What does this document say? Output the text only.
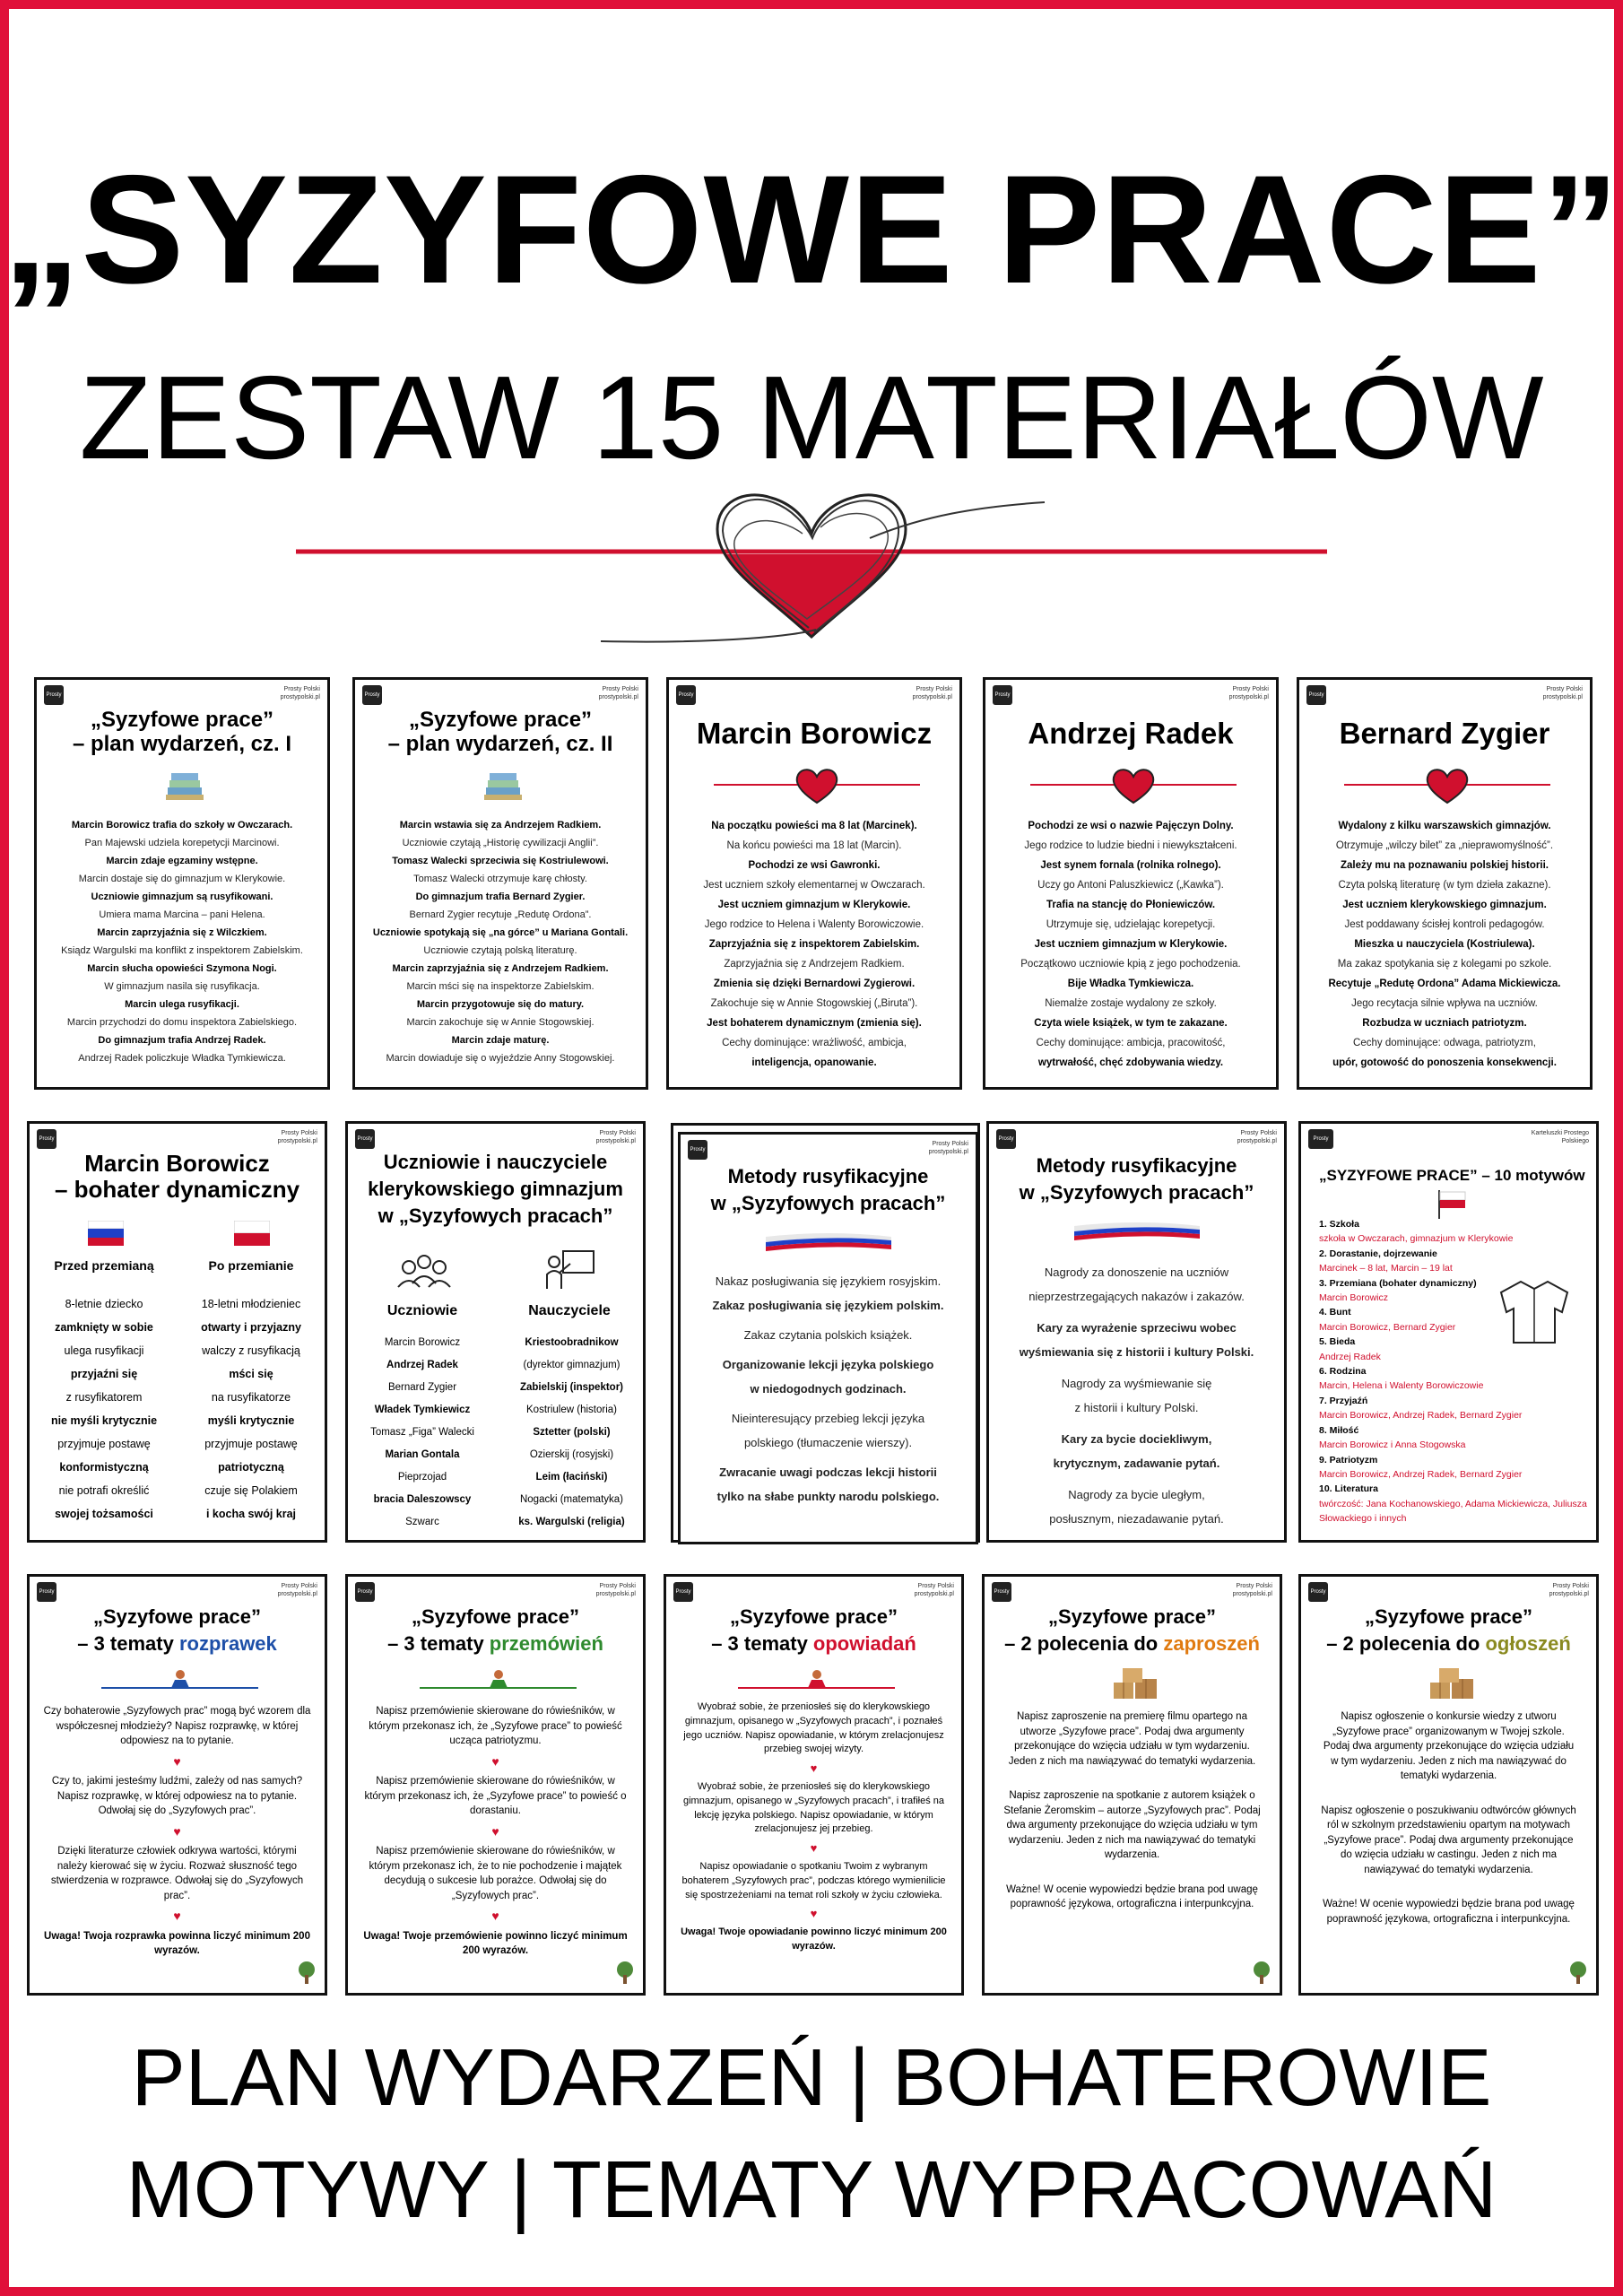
„SYZYFOWE PRACE”
ZESTAW 15 MATERIAŁÓW
Prosty Polski
Prosty Polski
prostypolski.pl
„Syzyfowe prace”
– plan wydarzeń, cz. I
Marcin Borowicz trafia do szkoły w Owczarach.
Pan Majewski udziela korepetycji Marcinowi.
Marcin zdaje egzaminy wstępne.
Marcin dostaje się do gimnazjum w Klerykowie.
Uczniowie gimnazjum są rusyfikowani.
Umiera mama Marcina – pani Helena.
Marcin zaprzyjaźnia się z Wilczkiem.
Ksiądz Wargulski ma konflikt z inspektorem Zabielskim.
Marcin słucha opowieści Szymona Nogi.
W gimnazjum nasila się rusyfikacja.
Marcin ulega rusyfikacji.
Marcin przychodzi do domu inspektora Zabielskiego.
Do gimnazjum trafia Andrzej Radek.
Andrzej Radek policzkuje Władka Tymkiewicza.
Prosty Polski
Prosty Polski
prostypolski.pl
„Syzyfowe prace”
– plan wydarzeń, cz. II
Marcin wstawia się za Andrzejem Radkiem.
Uczniowie czytają „Historię cywilizacji Anglii”.
Tomasz Walecki sprzeciwia się Kostriulewowi.
Tomasz Walecki otrzymuje karę chłosty.
Do gimnazjum trafia Bernard Zygier.
Bernard Zygier recytuje „Redutę Ordona”.
Uczniowie spotykają się „na górce” u Mariana Gontali.
Uczniowie czytają polską literaturę.
Marcin zaprzyjaźnia się z Andrzejem Radkiem.
Marcin mści się na inspektorze Zabielskim.
Marcin przygotowuje się do matury.
Marcin zakochuje się w Annie Stogowskiej.
Marcin zdaje maturę.
Marcin dowiaduje się o wyjeździe Anny Stogowskiej.
Prosty Polski
Prosty Polski
prostypolski.pl
Marcin Borowicz
Na początku powieści ma 8 lat (Marcinek).
Na końcu powieści ma 18 lat (Marcin).
Pochodzi ze wsi Gawronki.
Jest uczniem szkoły elementarnej w Owczarach.
Jest uczniem gimnazjum w Klerykowie.
Jego rodzice to Helena i Walenty Borowiczowie.
Zaprzyjaźnia się z inspektorem Zabielskim.
Zaprzyjaźnia się z Andrzejem Radkiem.
Zmienia się dzięki Bernardowi Zygierowi.
Zakochuje się w Annie Stogowskiej („Biruta”).
Jest bohaterem dynamicznym (zmienia się).
Cechy dominujące: wrażliwość, ambicja,
inteligencja, opanowanie.
Prosty Polski
Prosty Polski
prostypolski.pl
Andrzej Radek
Pochodzi ze wsi o nazwie Pajęczyn Dolny.
Jego rodzice to ludzie biedni i niewykształceni.
Jest synem fornala (rolnika rolnego).
Uczy go Antoni Paluszkiewicz („Kawka”).
Trafia na stancję do Płoniewiczów.
Utrzymuje się, udzielając korepetycji.
Jest uczniem gimnazjum w Klerykowie.
Początkowo uczniowie kpią z jego pochodzenia.
Bije Władka Tymkiewicza.
Niemalże zostaje wydalony ze szkoły.
Czyta wiele książek, w tym te zakazane.
Cechy dominujące: ambicja, pracowitość,
wytrwałość, chęć zdobywania wiedzy.
Prosty Polski
Prosty Polski
prostypolski.pl
Bernard Zygier
Wydalony z kilku warszawskich gimnazjów.
Otrzymuje „wilczy bilet” za „nieprawomyślność”.
Zależy mu na poznawaniu polskiej historii.
Czyta polską literaturę (w tym dzieła zakazne).
Jest uczniem klerykowskiego gimnazjum.
Jest poddawany ścisłej kontroli pedagogów.
Mieszka u nauczyciela (Kostriulewa).
Ma zakaz spotykania się z kolegami po szkole.
Recytuje „Redutę Ordona” Adama Mickiewicza.
Jego recytacja silnie wpływa na uczniów.
Rozbudza w uczniach patriotyzm.
Cechy dominujące: odwaga, patriotyzm,
upór, gotowość do ponoszenia konsekwencji.
Prosty Polski
Prosty Polski
prostypolski.pl
Marcin Borowicz
– bohater dynamiczny
Przed przemianą	Po przemianie
8-letnie dziecko
zamknięty w sobie
ulega rusyfikacji
przyjaźni się
z rusyfikatorem
nie myśli krytycznie
przyjmuje postawę
konformistyczną
nie potrafi określić
swojej tożsamości
18-letni młodzieniec
otwarty i przyjazny
walczy z rusyfikacją
mści się
na rusyfikatorze
myśli krytycznie
przyjmuje postawę
patriotyczną
czuje się Polakiem
i kocha swój kraj
Prosty Polski
Prosty Polski
prostypolski.pl
Uczniowie i nauczyciele
klerykowskiego gimnazjum
w „Syzyfowych pracach”
Uczniowie	Nauczyciele
Marcin Borowicz
Andrzej Radek
Bernard Zygier
Władek Tymkiewicz
Tomasz „Figa” Walecki
Marian Gontala
Pieprzojad
bracia Daleszowscy
Szwarc
Kriestoobradnikow
(dyrektor gimnazjum)
Zabielskij (inspektor)
Kostriulew (historia)
Sztetter (polski)
Ozierskij (rosyjski)
Leim (łaciński)
Nogacki (matematyka)
ks. Wargulski (religia)
Prosty Polski
Prosty Polski
prostypolski.pl
Metody rusyfikacyjne
w „Syzyfowych pracach”
Nakaz posługiwania się językiem rosyjskim.
Zakaz posługiwania się językiem polskim.
Zakaz czytania polskich książek.
Organizowanie lekcji języka polskiego
w niedogodnych godzinach.
Nieinteresujący przebieg lekcji języka
polskiego (tłumaczenie wierszy).
Zwracanie uwagi podczas lekcji historii
tylko na słabe punkty narodu polskiego.
Prosty Polski
Prosty Polski
prostypolski.pl
Metody rusyfikacyjne
w „Syzyfowych pracach”
Nagrody za donoszenie na uczniów
nieprzestrzegających nakazów i zakazów.
Kary za wyrażenie sprzeciwu wobec
wyśmiewania się z historii i kultury Polski.
Nagrody za wyśmiewanie się
z historii i kultury Polski.
Kary za bycie dociekliwym,
krytycznym, zadawanie pytań.
Nagrody za bycie uległym,
posłusznym, niezadawanie pytań.
Prosty Polski
Karteluszki Prostego Polskiego
„SYZYFOWE PRACE” – 10 motywów
1. Szkoła
szkoła w Owczarach, gimnazjum w Klerykowie
2. Dorastanie, dojrzewanie
Marcinek – 8 lat, Marcin – 19 lat
3. Przemiana (bohater dynamiczny)
Marcin Borowicz
4. Bunt
Marcin Borowicz, Bernard Zygier
5. Bieda
Andrzej Radek
6. Rodzina
Marcin, Helena i Walenty Borowiczowie
7. Przyjaźń
Marcin Borowicz, Andrzej Radek, Bernard Zygier
8. Miłość
Marcin Borowicz i Anna Stogowska
9. Patriotyzm
Marcin Borowicz, Andrzej Radek, Bernard Zygier
10. Literatura
twórczość: Jana Kochanowskiego, Adama Mickiewicza, Juliusza Słowackiego i innych
Prosty Polski
Prosty Polski
prostypolski.pl
„Syzyfowe prace”
– 3 tematy rozprawek
Czy bohaterowie „Syzyfowych prac” mogą być wzorem dla współczesnej młodzieży? Napisz rozprawkę, w której odpowiesz na to pytanie.
♥
Czy to, jakimi jesteśmy ludźmi, zależy od nas samych? Napisz rozprawkę, w której odpowiesz na to pytanie. Odwołaj się do „Syzyfowych prac”.
♥
Dzięki literaturze człowiek odkrywa wartości, którymi należy kierować się w życiu. Rozważ słuszność tego stwierdzenia w rozprawce. Odwołaj się do „Syzyfowych prac”.
♥
Uwaga! Twoja rozprawka powinna liczyć minimum 200 wyrazów.
Prosty Polski
Prosty Polski
prostypolski.pl
„Syzyfowe prace”
– 3 tematy przemówień
Napisz przemówienie skierowane do rówieśników, w którym przekonasz ich, że „Syzyfowe prace” to powieść ucząca patriotyzmu.
♥
Napisz przemówienie skierowane do rówieśników, w którym przekonasz ich, że „Syzyfowe prace” to powieść o dorastaniu.
♥
Napisz przemówienie skierowane do rówieśników, w którym przekonasz ich, że to nie pochodzenie i majątek decydują o sukcesie lub porażce. Odwołaj się do „Syzyfowych prac”.
♥
Uwaga! Twoje przemówienie powinno liczyć minimum 200 wyrazów.
Prosty Polski
Prosty Polski
prostypolski.pl
„Syzyfowe prace”
– 3 tematy opowiadań
Wyobraź sobie, że przeniosłeś się do klerykowskiego gimnazjum, opisanego w „Syzyfowych pracach”, i poznałeś jego uczniów. Napisz opowiadanie, w którym zrelacjonujesz przebieg swojej wizyty.
♥
Wyobraź sobie, że przeniosłeś się do klerykowskiego gimnazjum, opisanego w „Syzyfowych pracach”, i trafiłeś na lekcję języka polskiego. Napisz opowiadanie, w którym zrelacjonujesz jej przebieg.
♥
Napisz opowiadanie o spotkaniu Twoim z wybranym bohaterem „Syzyfowych prac”, podczas którego wymienilicie się spostrzeżeniami na temat roli szkoły w życiu człowieka.
♥
Uwaga! Twoje opowiadanie powinno liczyć minimum 200 wyrazów.
Prosty Polski
Prosty Polski
prostypolski.pl
„Syzyfowe prace”
– 2 polecenia do zaproszeń
Napisz zaproszenie na premierę filmu opartego na utworze „Syzyfowe prace”. Podaj dwa argumenty przekonujące do wzięcia udziału w tym wydarzeniu. Jeden z nich ma nawiązywać do tematyki wydarzenia.
Napisz zaproszenie na spotkanie z autorem książek o Stefanie Żeromskim – autorze „Syzyfowych prac”. Podaj dwa argumenty przekonujące do wzięcia udziału w tym wydarzeniu. Jeden z nich ma nawiązywać do tematyki wydarzenia.
Ważne! W ocenie wypowiedzi będzie brana pod uwagę poprawność językowa, ortograficzna i interpunkcyjna.
Prosty Polski
Prosty Polski
prostypolski.pl
„Syzyfowe prace”
– 2 polecenia do ogłoszeń
Napisz ogłoszenie o konkursie wiedzy z utworu „Syzyfowe prace” organizowanym w Twojej szkole. Podaj dwa argumenty przekonujące do wzięcia udziału w tym wydarzeniu. Jeden z nich ma nawiązywać do tematyki wydarzenia.
Napisz ogłoszenie o poszukiwaniu odtwórców głównych ról w szkolnym przedstawieniu opartym na motywach „Syzyfowe prace”. Podaj dwa argumenty przekonujące do wzięcia udziału w castingu. Jeden z nich ma nawiązywać do tematyki wydarzenia.
Ważne! W ocenie wypowiedzi będzie brana pod uwagę poprawność językowa, ortograficzna i interpunkcyjna.
PLAN WYDARZEŃ | BOHATEROWIE
MOTYWY | TEMATY WYPRACOWAŃ
